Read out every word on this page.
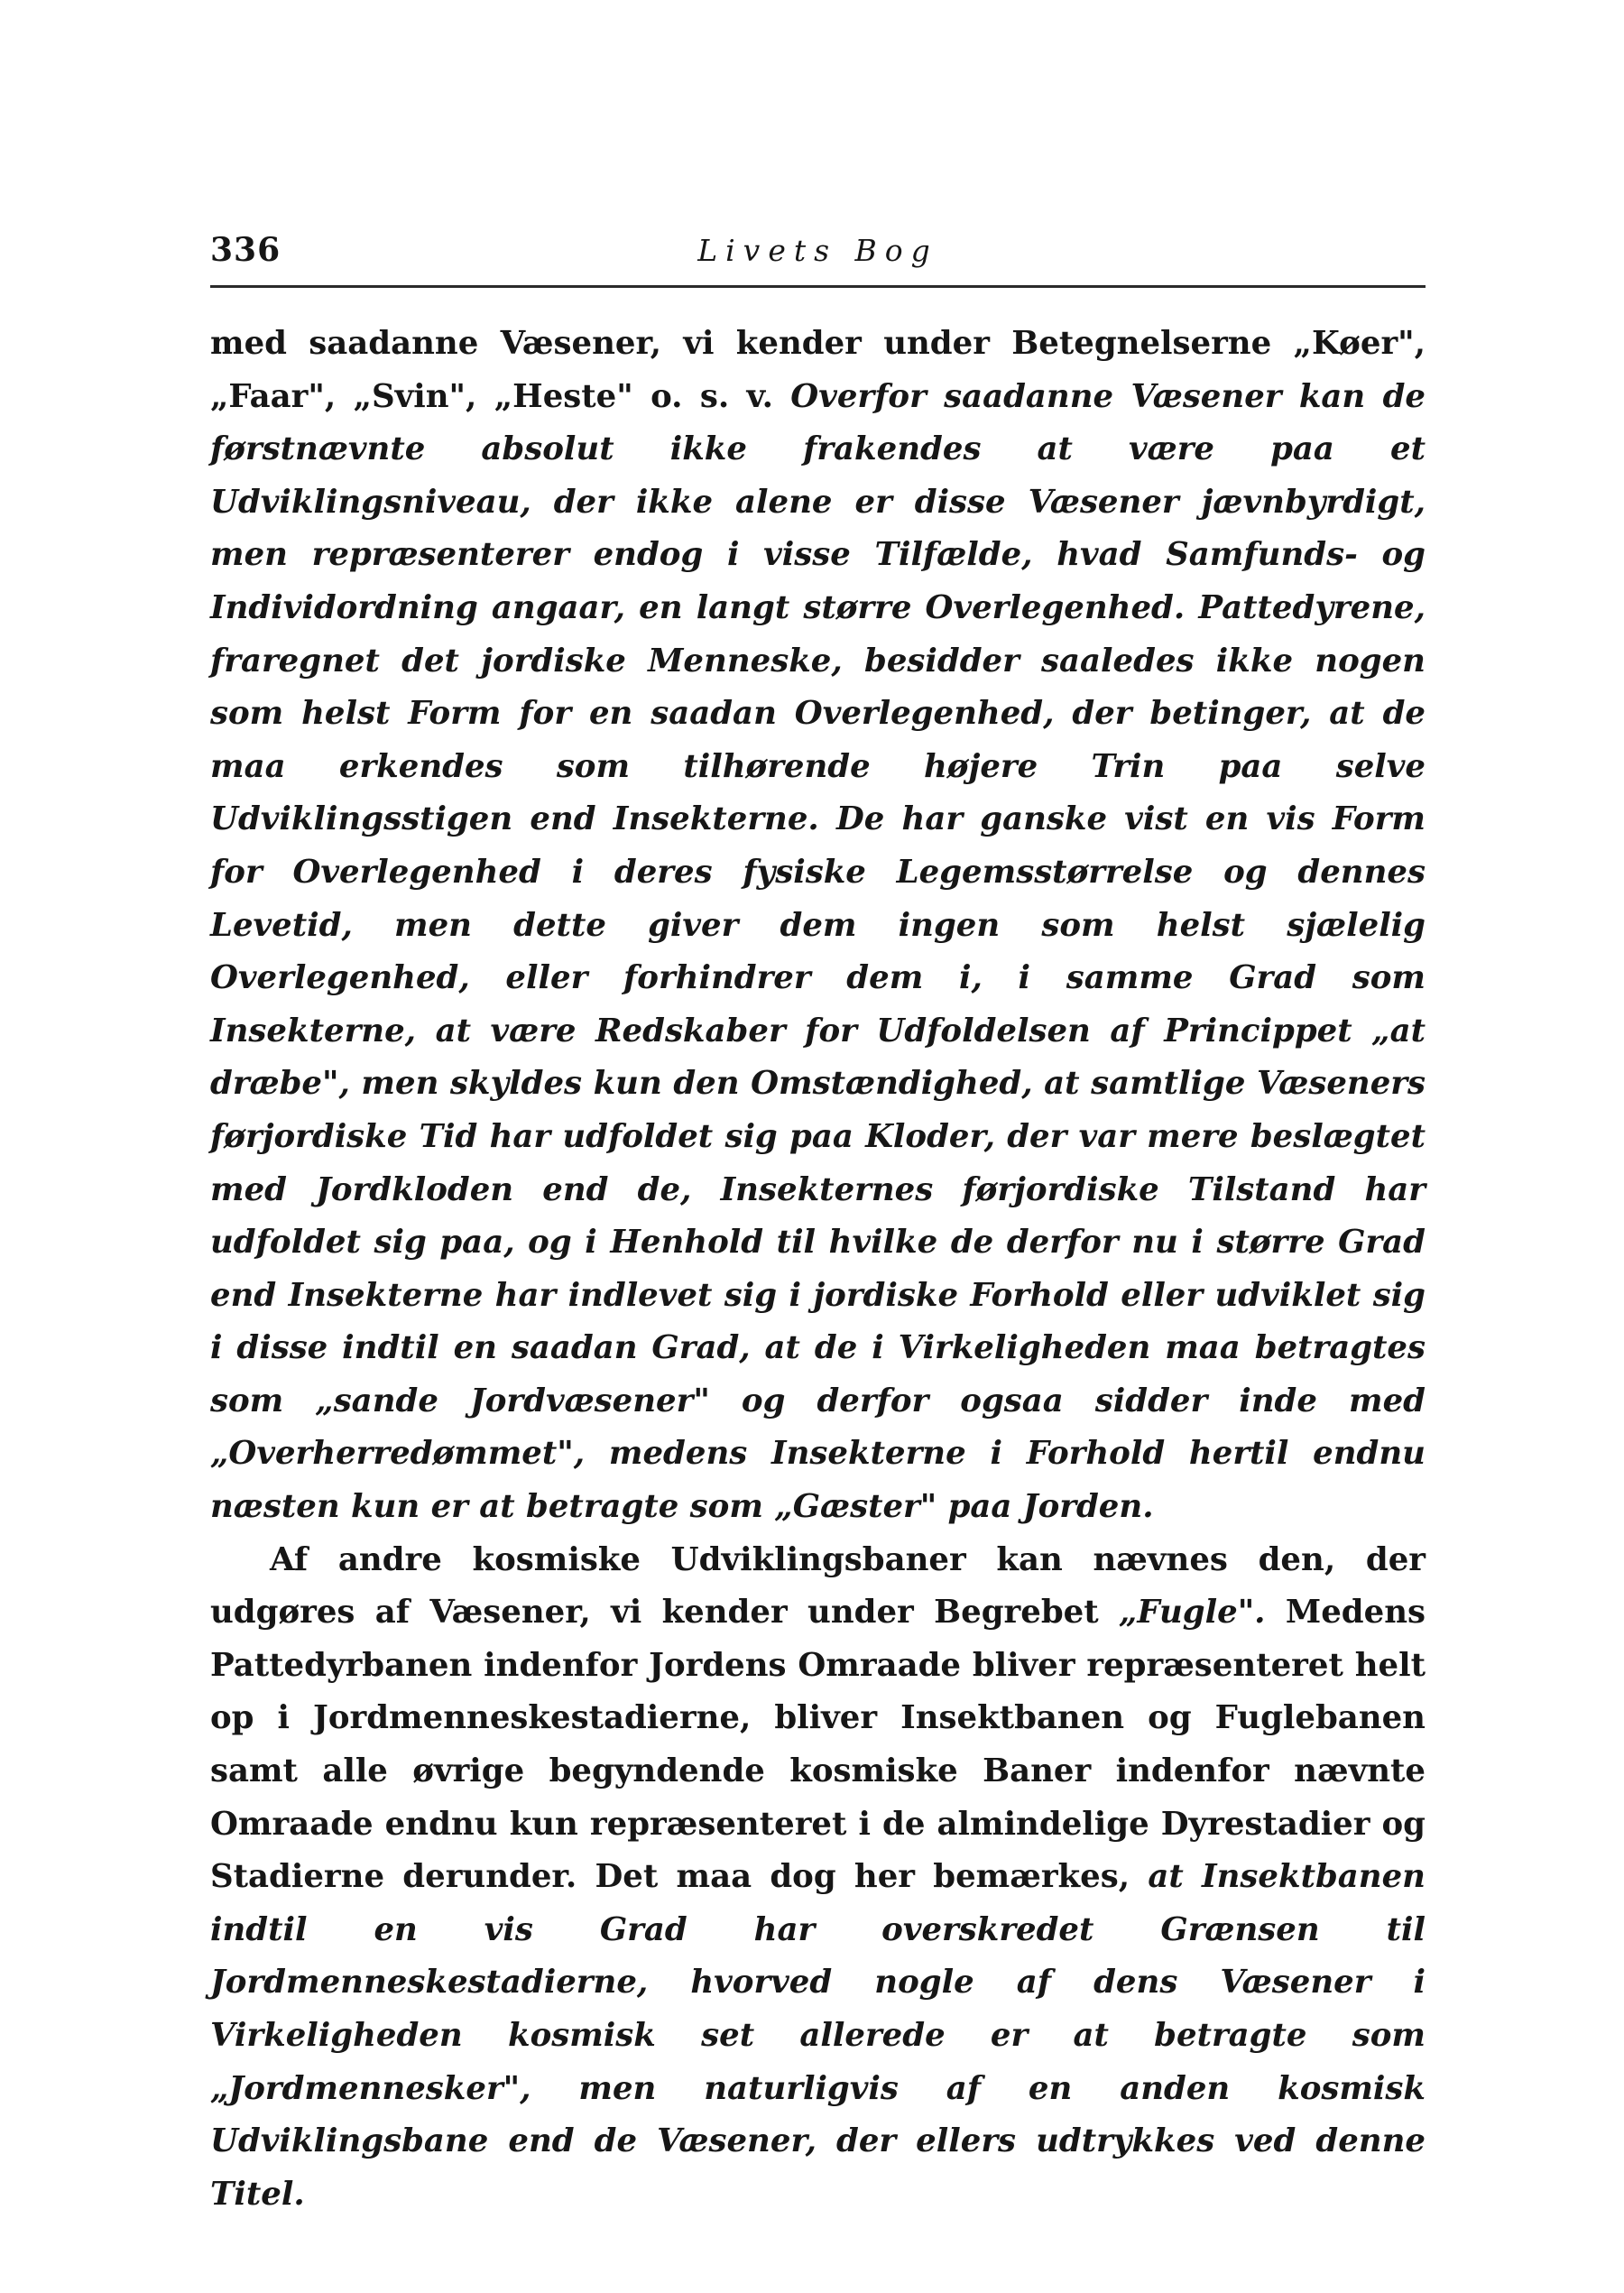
336	Livets Bog

med saadanne Væsener, vi kender under Betegnelserne „Køer", „Faar", „Svin", „Heste" o. s. v. Overfor saadanne Væsener kan de førstnævnte absolut ikke frakendes at være paa et Udviklingsniveau, der ikke alene er disse Væsener jævnbyrdigt, men repræsenterer endog i visse Tilfælde, hvad Samfunds- og Individordning angaar, en langt større Overlegenhed. Pattedyrene, fraregnet det jordiske Menneske, besidder saaledes ikke nogen som helst Form for en saadan Overlegenhed, der betinger, at de maa erkendes som tilhørende højere Trin paa selve Udviklingsstigen end Insekterne. De har ganske vist en vis Form for Overlegenhed i deres fysiske Legemsstørrelse og dennes Levetid, men dette giver dem ingen som helst sjælelig Overlegenhed, eller forhindrer dem i, i samme Grad som Insekterne, at være Redskaber for Udfoldelsen af Princippet „at dræbe", men skyldes kun den Omstændighed, at samtlige Væseners førjordiske Tid har udfoldet sig paa Kloder, der var mere beslægtet med Jordkloden end de, Insekternes førjordiske Tilstand har udfoldet sig paa, og i Henhold til hvilke de derfor nu i større Grad end Insekterne har indlevet sig i jordiske Forhold eller udviklet sig i disse indtil en saadan Grad, at de i Virkeligheden maa betragtes som „sande Jordvæsener" og derfor ogsaa sidder inde med „Overherredømmet", medens Insekterne i Forhold hertil endnu næsten kun er at betragte som „Gæster" paa Jorden.

Af andre kosmiske Udviklingsbaner kan nævnes den, der udgøres af Væsener, vi kender under Begrebet „Fugle". Medens Pattedyrbanen indenfor Jordens Omraade bliver repræsenteret helt op i Jordmenneskestadierne, bliver Insektbanen og Fuglebanen samt alle øvrige begyndende kosmiske Baner indenfor nævnte Omraade endnu kun repræsenteret i de almindelige Dyrestadier og Stadierne derunder. Det maa dog her bemærkes, at Insektbanen indtil en vis Grad har overskredet Grænsen til Jordmenneskestadierne, hvorved nogle af dens Væsener i Virkeligheden kosmisk set allerede er at betragte som „Jordmennesker", men naturligvis af en anden kosmisk Udviklingsbane end de Væsener, der ellers udtrykkes ved denne Titel.
